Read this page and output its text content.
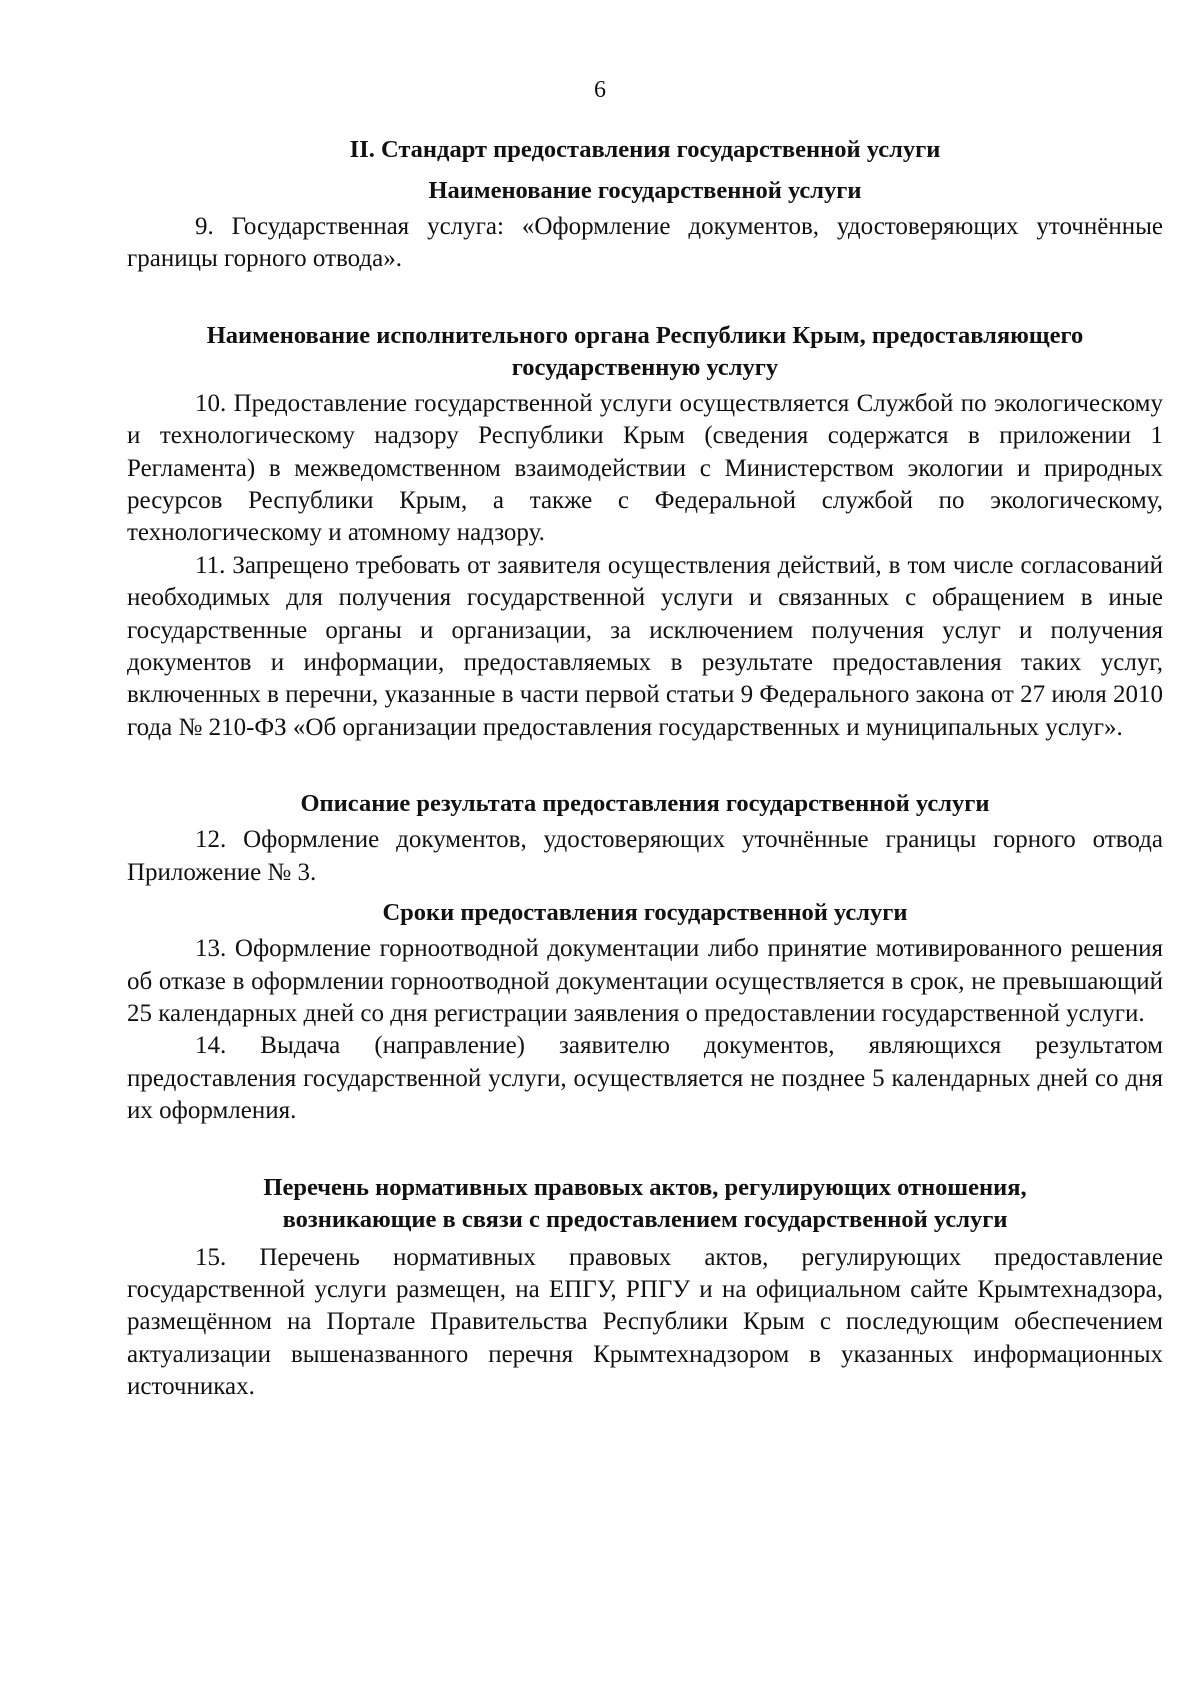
6
II. Стандарт предоставления государственной услуги
Наименование государственной услуги

9. Государственная услуга: «Оформление документов, удостоверяющих уточнённые границы горного отвода».

Наименование исполнительного органа Республики Крым, предоставляющего государственную услугу

10. Предоставление государственной услуги осуществляется Службой по экологическому и технологическому надзору Республики Крым (сведения содержатся в приложении 1 Регламента) в межведомственном взаимодействии с Министерством экологии и природных ресурсов Республики Крым, а также с Федеральной службой по экологическому, технологическому и атомному надзору.

11. Запрещено требовать от заявителя осуществления действий, в том числе согласований необходимых для получения государственной услуги и связанных с обращением в иные государственные органы и организации, за исключением получения услуг и получения документов и информации, предоставляемых в результате предоставления таких услуг, включенных в перечни, указанные в части первой статьи 9 Федерального закона от 27 июля 2010 года № 210-ФЗ «Об организации предоставления государственных и муниципальных услуг».

Описание результата предоставления государственной услуги

12. Оформление документов, удостоверяющих уточнённые границы горного отвода Приложение № 3.

Сроки предоставления государственной услуги

13. Оформление горноотводной документации либо принятие мотивированного решения об отказе в оформлении горноотводной документации осуществляется в срок, не превышающий 25 календарных дней со дня регистрации заявления о предоставлении государственной услуги.

14. Выдача (направление) заявителю документов, являющихся результатом предоставления государственной услуги, осуществляется не позднее 5 календарных дней со дня их оформления.

Перечень нормативных правовых актов, регулирующих отношения,
возникающие в связи с предоставлением государственной услуги

15. Перечень нормативных правовых актов, регулирующих предоставление государственной услуги размещен, на ЕПГУ, РПГУ и на официальном сайте Крымтехнадзора, размещённом на Портале Правительства Республики Крым с последующим обеспечением актуализации вышеназванного перечня Крымтехнадзором в указанных информационных источниках.
